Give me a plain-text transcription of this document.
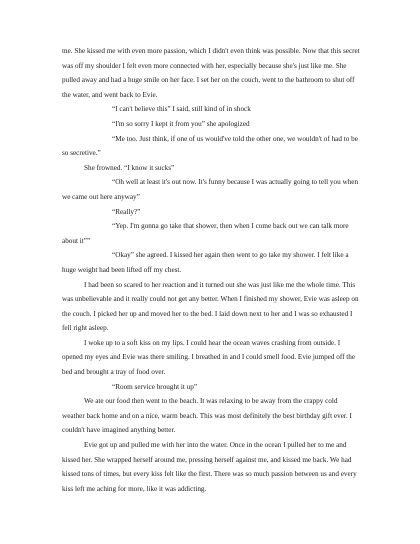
me. She kissed me with even more passion, which I didn't even think was possible. Now that this secret was off my shoulder I felt even more connected with her, especially because she's just like me. She pulled away and had a huge smile on her face. I set her on the couch, went to the bathroom to shut off the water, and went back to Evie.

“I can't believe this” I said, still kind of in shock

“I'm so sorry I kept it from you” she apologized

“Me too. Just think, if one of us would've told the other one, we wouldn't of had to be so secretive.”

She frowned. “I know it sucks”

“Oh well at least it's out now. It's funny because I was actually going to tell you when we came out here anyway”

“Really?”

“Yep. I'm gonna go take that shower, then when I come back out we can talk more about it””

“Okay” she agreed. I kissed her again then went to go take my shower. I felt like a huge weight had been lifted off my chest.

I had been so scared to her reaction and it turned out she was just like me the whole time. This was unbelievable and it really could not get any better. When I finished my shower, Evie was asleep on the couch. I picked her up and moved her to the bed. I laid down next to her and I was so exhausted I fell right asleep.

I woke up to a soft kiss on my lips. I could hear the ocean waves crashing from outside. I opened my eyes and Evie was there smiling. I breathed in and I could smell food. Evie jumped off the bed and brought a tray of food over.

“Room service brought it up”

We ate our food then went to the beach. It was relaxing to be away from the crappy cold weather back home and on a nice, warm beach. This was most definitely the best birthday gift ever. I couldn't have imagined anything better.

Evie got up and pulled me with her into the water. Once in the ocean I pulled her to me and kissed her. She wrapped herself around me, pressing herself against me, and kissed me back. We had kissed tons of times, but every kiss felt like the first. There was so much passion between us and every kiss left me aching for more, like it was addicting.
